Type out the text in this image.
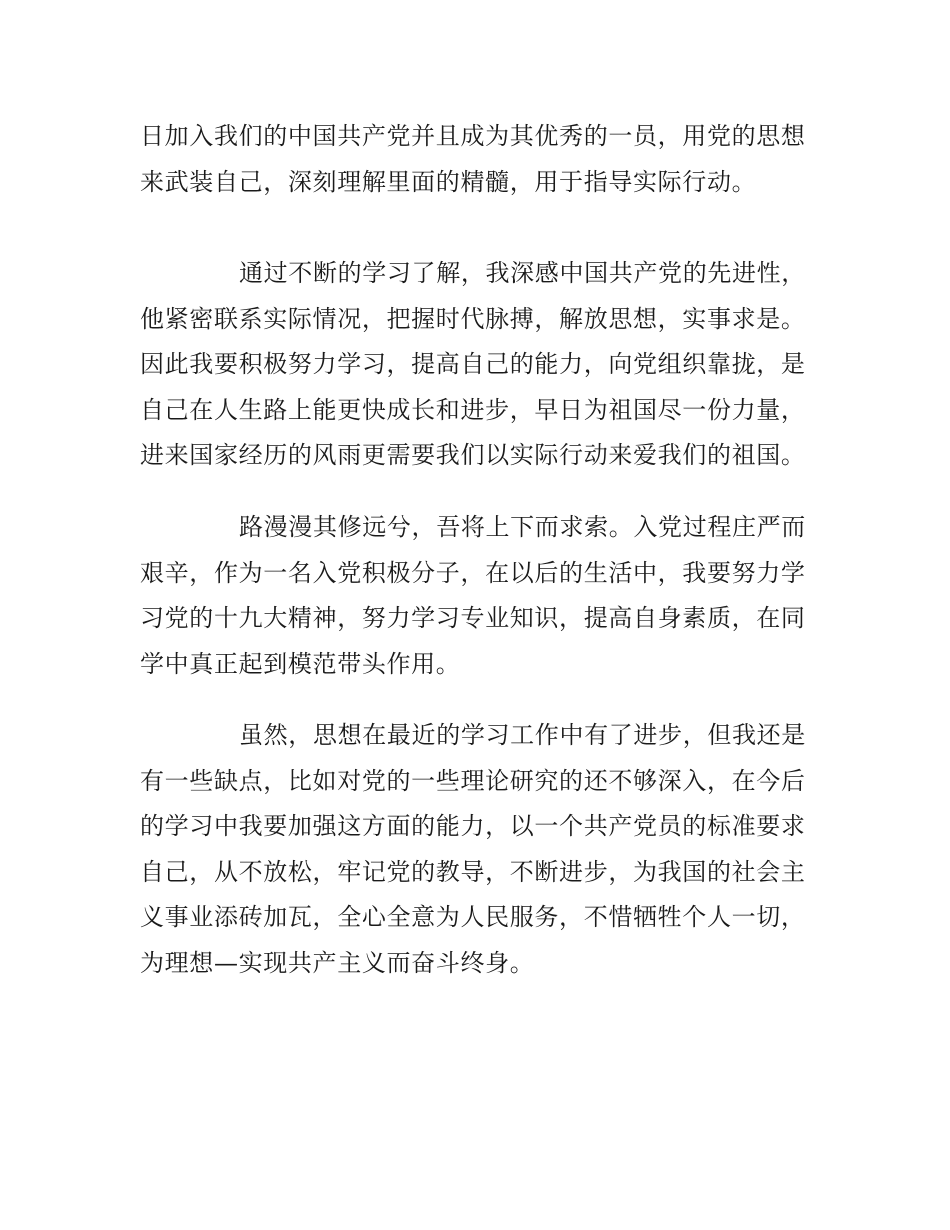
日加入我们的中国共产党并且成为其优秀的一员，用党的思想
来武装自己，深刻理解里面的精髓，用于指导实际行动。
通过不断的学习了解，我深感中国共产党的先进性，
他紧密联系实际情况，把握时代脉搏，解放思想，实事求是。
因此我要积极努力学习，提高自己的能力，向党组织靠拢，是
自己在人生路上能更快成长和进步，早日为祖国尽一份力量，
进来国家经历的风雨更需要我们以实际行动来爱我们的祖国。
路漫漫其修远兮，吾将上下而求索。入党过程庄严而
艰辛，作为一名入党积极分子，在以后的生活中，我要努力学
习党的十九大精神，努力学习专业知识，提高自身素质，在同
学中真正起到模范带头作用。
虽然，思想在最近的学习工作中有了进步，但我还是
有一些缺点，比如对党的一些理论研究的还不够深入，在今后
的学习中我要加强这方面的能力，以一个共产党员的标准要求
自己，从不放松，牢记党的教导，不断进步，为我国的社会主
义事业添砖加瓦，全心全意为人民服务，不惜牺牲个人一切，
为理想—实现共产主义而奋斗终身。
